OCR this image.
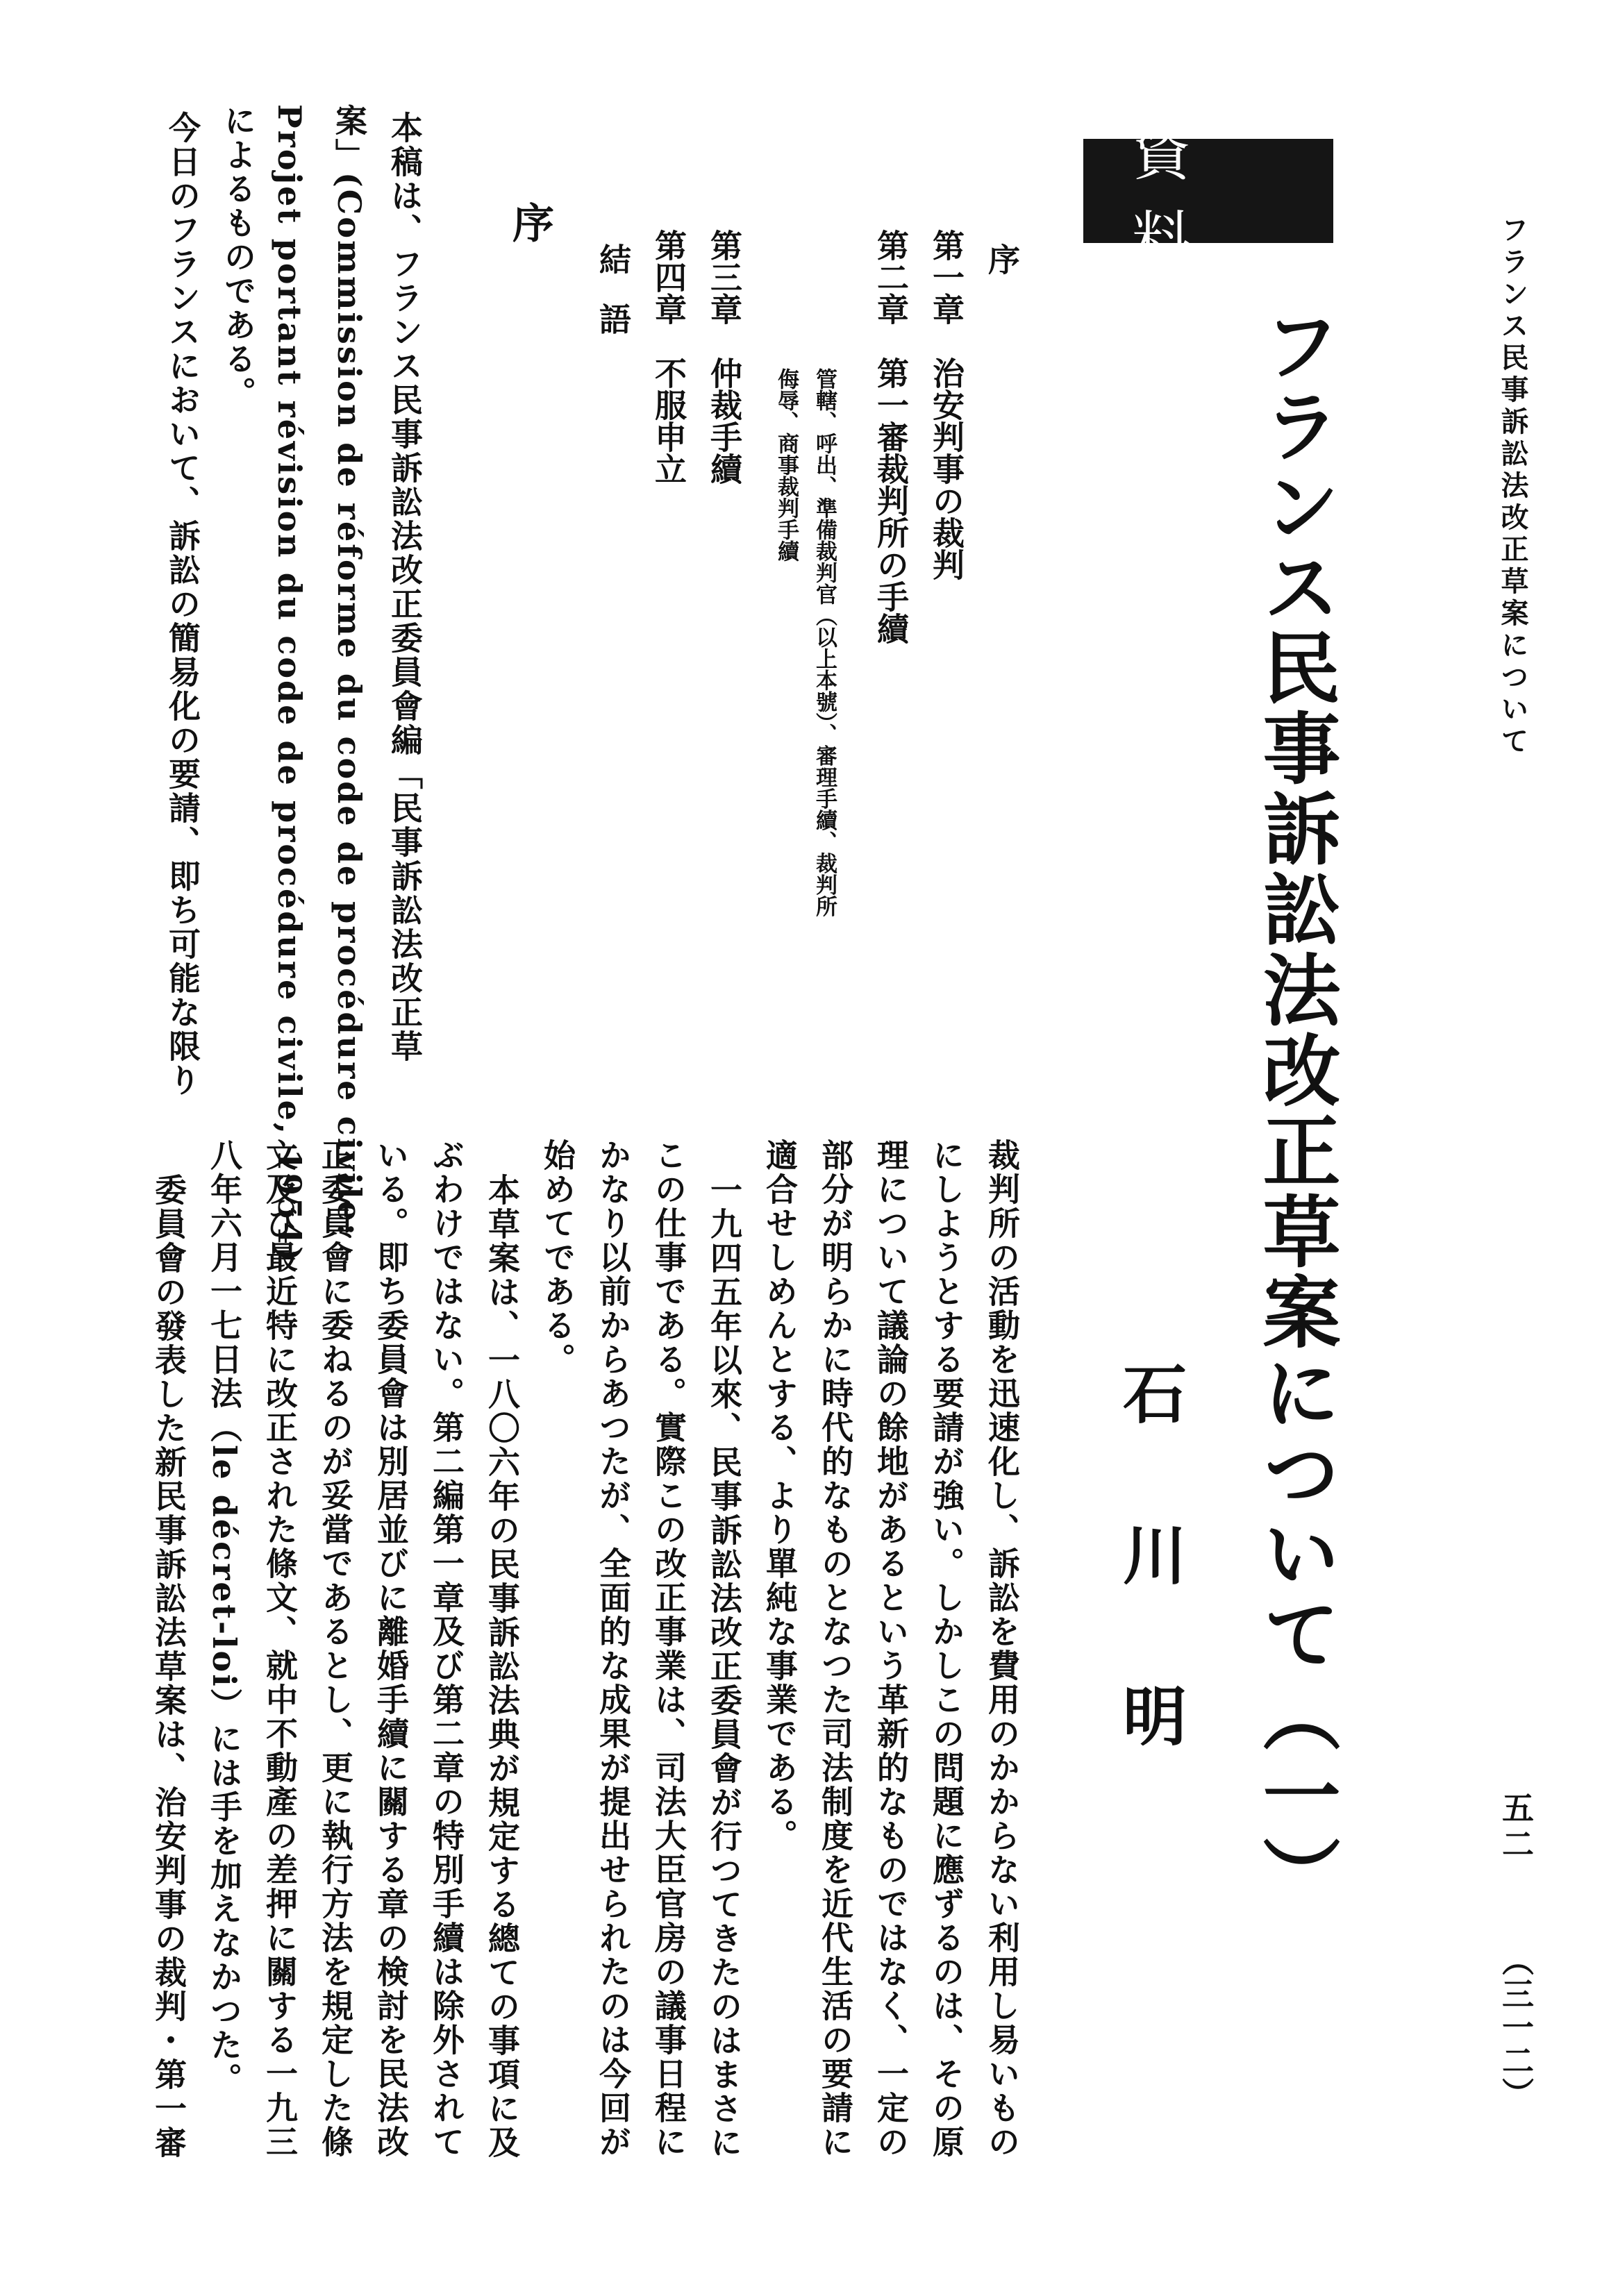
フランス民事訴訟法改正草案について
五二
（三一二）
資料
フランス民事訴訟法改正草案について（一）
石川明
序
第一章　治安判事の裁判
第二章　第一審裁判所の手續
管轄、呼出、準備裁判官（以上本號）、審理手續、裁判所
侮辱、商事裁判手續
第三章　仲裁手續
第四章　不服申立
結語
序
本稿は、フランス民事訴訟法改正委員會編「民事訴訟法改正草
案」(Commission de réforme du code de procédure civile:
Projet portant révision du code de procédure civile, 1954)
によるものである。
今日のフランスにおいて、訴訟の簡易化の要請、即ち可能な限り
裁判所の活動を迅速化し、訴訟を費用のかからない利用し易いもの
にしようとする要請が強い。しかしこの問題に應ずるのは、その原
理について議論の餘地があるという革新的なものではなく、一定の
部分が明らかに時代的なものとなつた司法制度を近代生活の要請に
適合せしめんとする、より單純な事業である。
一九四五年以來、民事訴訟法改正委員會が行つてきたのはまさに
この仕事である。實際この改正事業は、司法大臣官房の議事日程に
かなり以前からあつたが、全面的な成果が提出せられたのは今回が
始めてである。
本草案は、一八〇六年の民事訴訟法典が規定する總ての事項に及
ぶわけではない。第二編第一章及び第二章の特別手續は除外されて
いる。即ち委員會は別居並びに離婚手續に關する章の検討を民法改
正委員會に委ねるのが妥當であるとし、更に執行方法を規定した條
文及び最近特に改正された條文、就中不動產の差押に關する一九三
八年六月一七日法（le décret-loi）には手を加えなかつた。
委員會の發表した新民事訴訟法草案は、治安判事の裁判・第一審
